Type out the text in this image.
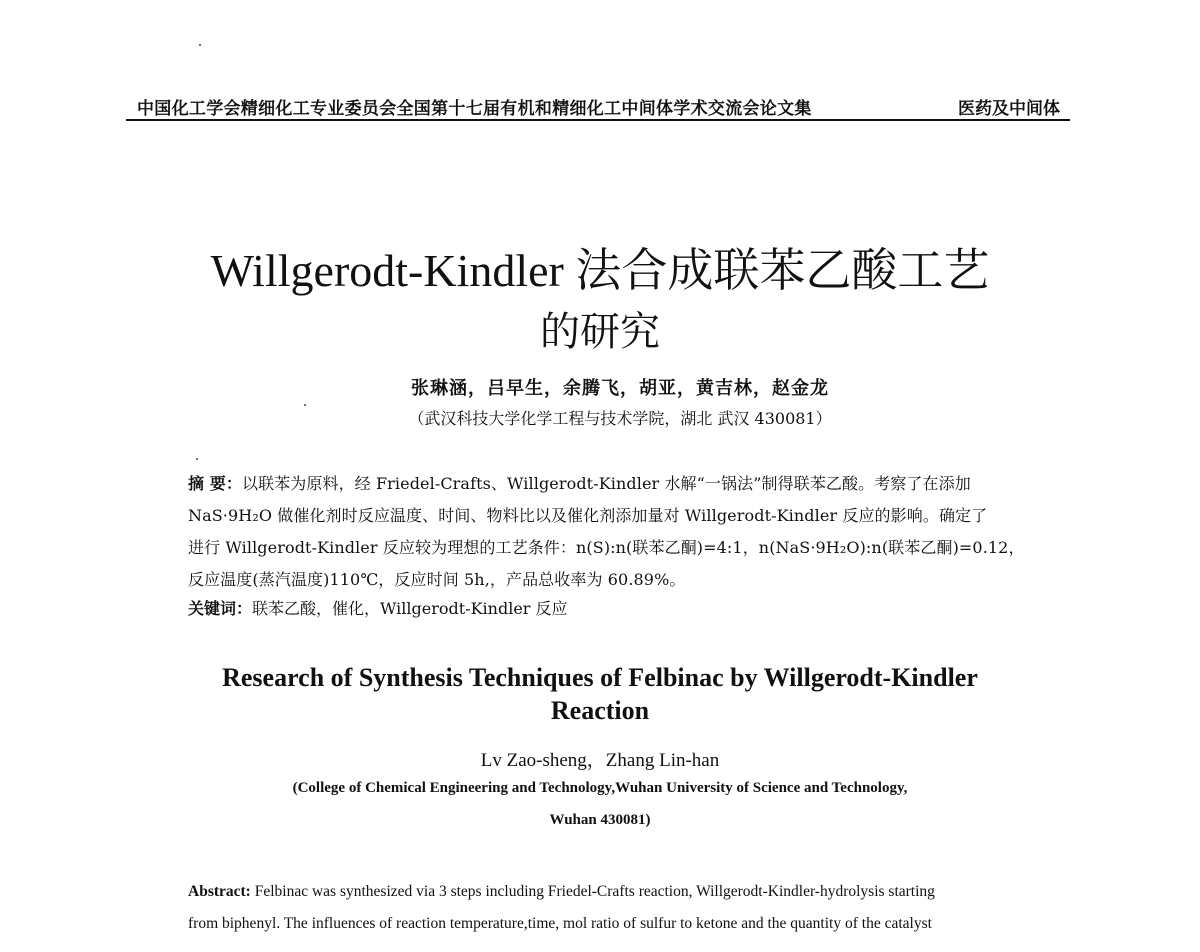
中国化工学会精细化工专业委员会全国第十七届有机和精细化工中间体学术交流会论文集	医药及中间体
Willgerodt-Kindler 法合成联苯乙酸工艺
的研究
张琳涵，吕早生，余腾飞，胡亚，黄吉林，赵金龙
（武汉科技大学化学工程与技术学院，湖北 武汉 430081）
摘 要：以联苯为原料，经 Friedel-Crafts、Willgerodt-Kindler 水解“一锅法”制得联苯乙酸。考察了在添加
NaS·9H₂O 做催化剂时反应温度、时间、物料比以及催化剂添加量对 Willgerodt-Kindler 反应的影响。确定了
进行 Willgerodt-Kindler 反应较为理想的工艺条件：n(S):n(联苯乙酮)=4:1，n(NaS·9H₂O):n(联苯乙酮)=0.12，
反应温度(蒸汽温度)110℃，反应时间 5h,，产品总收率为 60.89%。
关键词：联苯乙酸，催化，Willgerodt-Kindler 反应
Research of Synthesis Techniques of Felbinac by Willgerodt-Kindler
Reaction
Lv Zao-sheng，Zhang Lin-han
(College of Chemical Engineering and Technology,Wuhan University of Science and Technology,
Wuhan 430081)
Abstract: Felbinac was synthesized via 3 steps including Friedel-Crafts reaction, Willgerodt-Kindler-hydrolysis starting
from biphenyl. The influences of reaction temperature,time, mol ratio of sulfur to ketone and the quantity of the catalyst
